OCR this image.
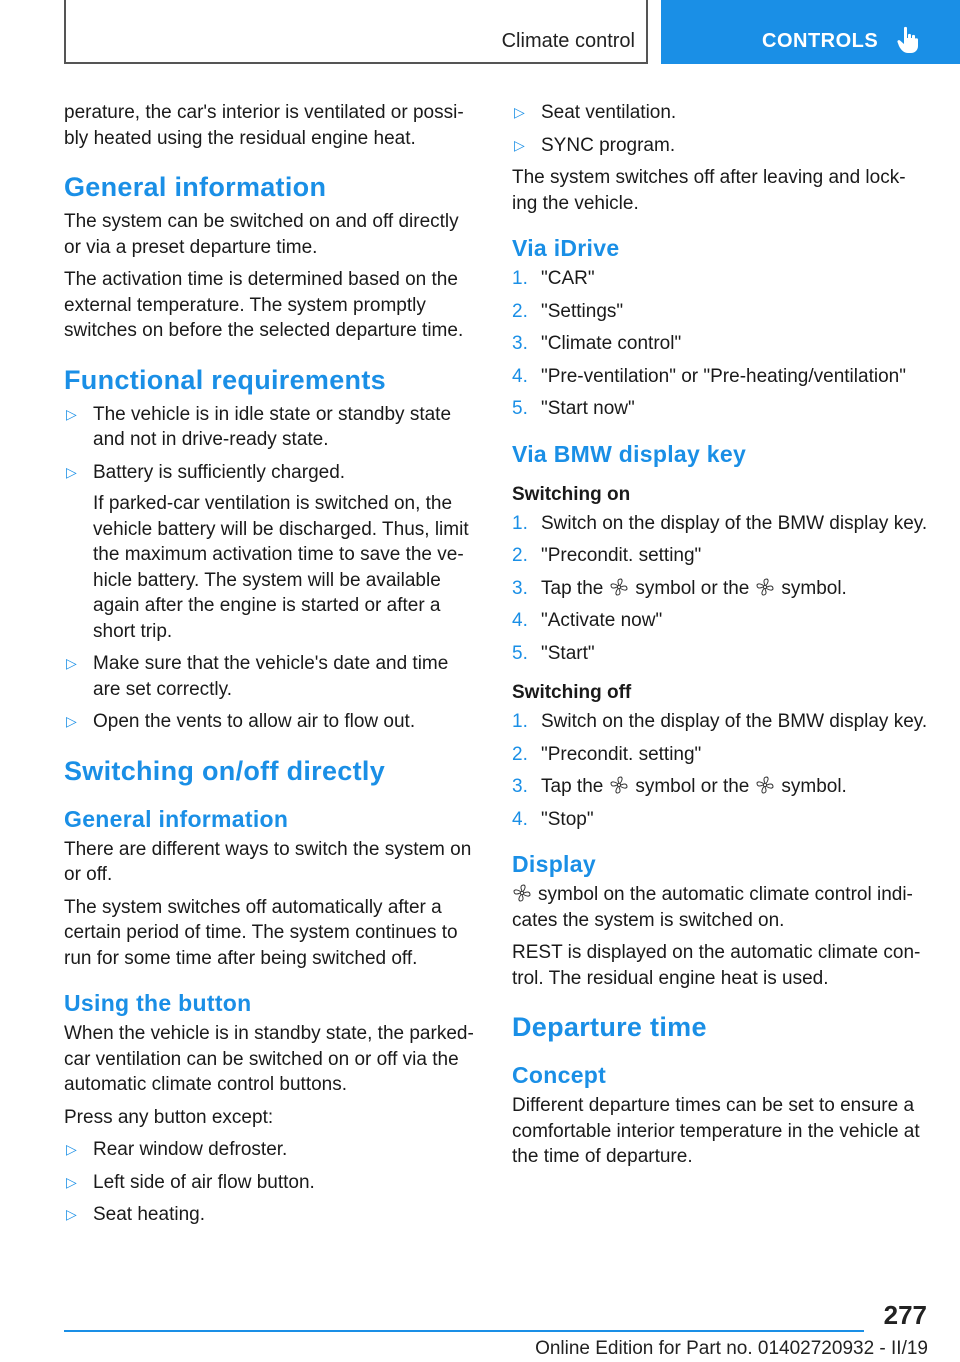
Climate control	CONTROLS

perature, the car's interior is ventilated or possi-bly heated using the residual engine heat.

General information

The system can be switched on and off directly or via a preset departure time.

The activation time is determined based on the external temperature. The system promptly switches on before the selected departure time.

Functional requirements
▷ The vehicle is in idle state or standby state and not in drive-ready state.
▷ Battery is sufficiently charged.
If parked-car ventilation is switched on, the vehicle battery will be discharged. Thus, limit the maximum activation time to save the ve-hicle battery. The system will be available again after the engine is started or after a short trip.
▷ Make sure that the vehicle's date and time are set correctly.
▷ Open the vents to allow air to flow out.
Switching on/off directly
General information

There are different ways to switch the system on or off.

The system switches off automatically after a certain period of time. The system continues to run for some time after being switched off.

Using the button

When the vehicle is in standby state, the parked-car ventilation can be switched on or off via the automatic climate control buttons.

Press any button except:

▷ Rear window defroster.
▷ Left side of air flow button.
▷ Seat heating.
▷ Seat ventilation.
▷ SYNC program.

The system switches off after leaving and lock-ing the vehicle.

Via iDrive
1. "CAR"
2. "Settings"
3. "Climate control"
4. "Pre-ventilation" or "Pre-heating/ventilation"
5. "Start now"
Via BMW display key
Switching on
1. Switch on the display of the BMW display key.
2. "Precondit. setting"
3. Tap the symbol or the symbol.
4. "Activate now"
5. "Start"
Switching off
1. Switch on the display of the BMW display key.
2. "Precondit. setting"
3. Tap the symbol or the symbol.
4. "Stop"
Display

symbol on the automatic climate control indi-cates the system is switched on.

REST is displayed on the automatic climate con-trol. The residual engine heat is used.

Departure time
Concept

Different departure times can be set to ensure a comfortable interior temperature in the vehicle at the time of departure.

277
Online Edition for Part no. 01402720932 - II/19
